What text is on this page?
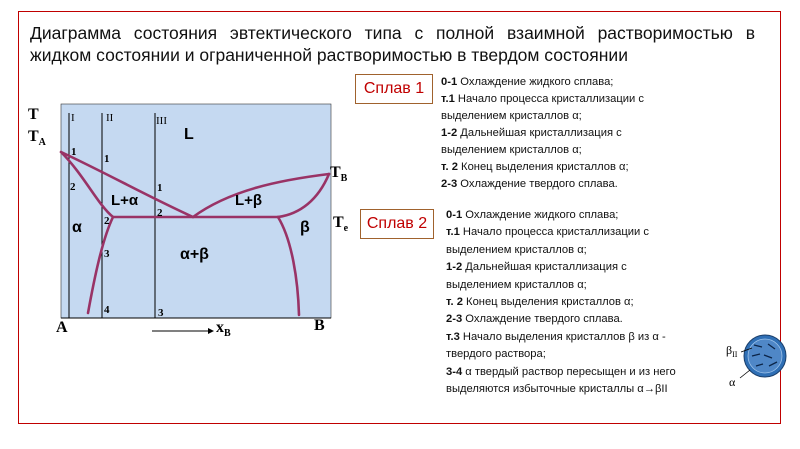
Диаграмма состояния эвтектического типа с полной взаимной растворимостью в
жидком состоянии и ограниченной растворимостью в твердом состоянии
T
$T_A$
$T_B$
$T_e$
A	B
$x_B$
I	II	III
L
L+α	L+β
α	β
α+β
1
2
1
2
3
4
1
2
3
$\beta_{II}$
α
Сплав 1	0-1 Охлаждение жидкого сплава;
т.1 Начало процесса кристаллизации с
выделением кристаллов α;
1-2 Дальнейшая кристаллизация с
выделением кристаллов α;
т. 2 Конец выделения кристаллов α;
2-3 Охлаждение твердого сплава.
Сплав 2	0-1 Охлаждение жидкого сплава;
т.1 Начало процесса кристаллизации с
выделением кристаллов α;
1-2 Дальнейшая кристаллизация с
выделением кристаллов α;
т. 2 Конец выделения кристаллов α;
2-3 Охлаждение твердого сплава.
т.3 Начало выделения кристаллов β из α -
твердого раствора;
3-4 α твердый раствор пересыщен и из него
выделяются избыточные кристаллы α→βII
